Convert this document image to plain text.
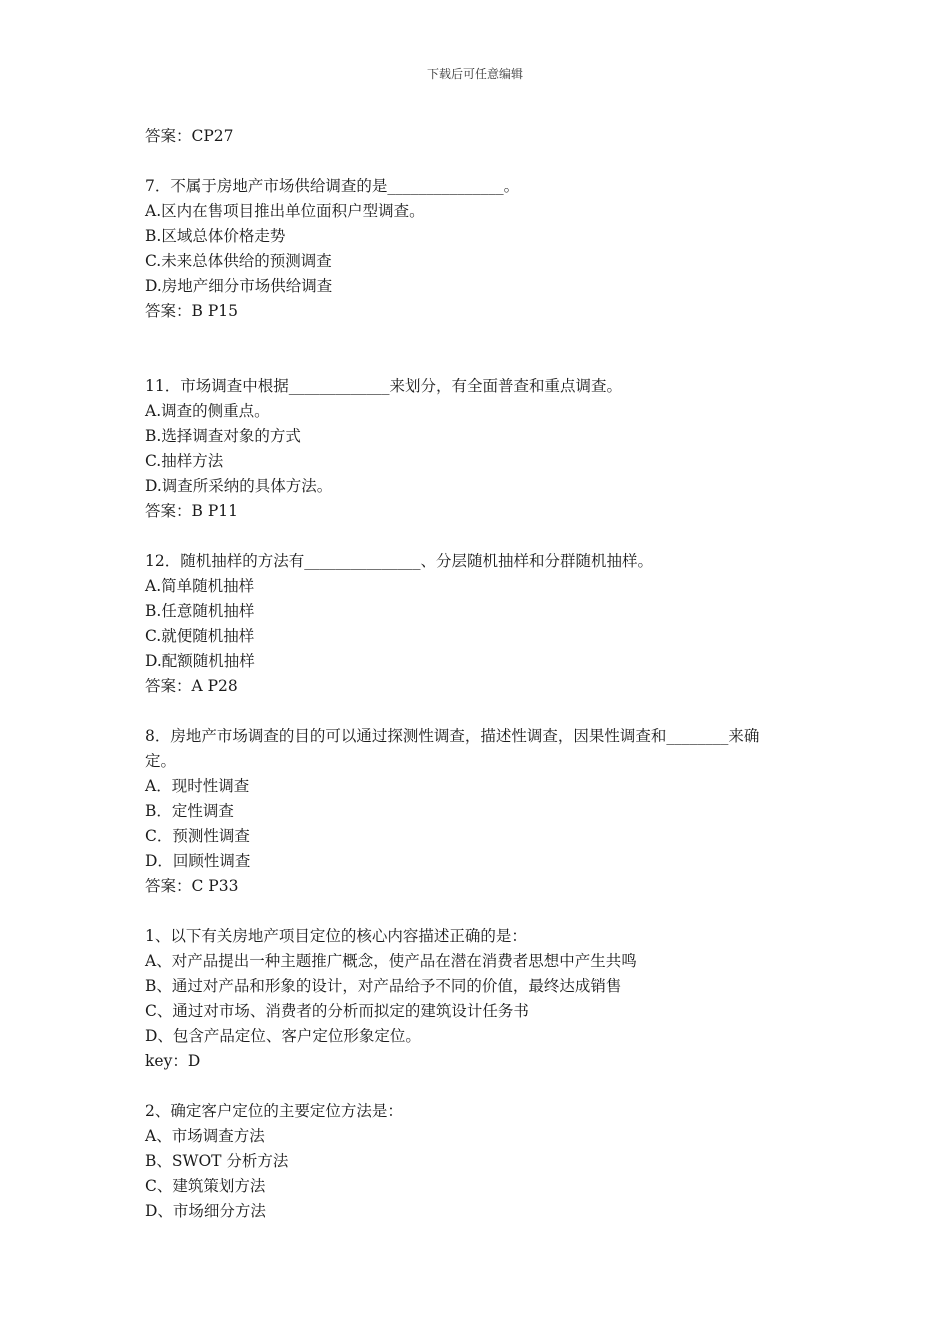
下载后可任意编辑

答案：CP27

7．不属于房地产市场供给调查的是_______________。

A.区内在售项目推出单位面积户型调查。

B.区域总体价格走势

C.未来总体供给的预测调查

D.房地产细分市场供给调查

答案：B P15

11．市场调查中根据_____________来划分，有全面普查和重点调查。

A.调查的侧重点。

B.选择调查对象的方式

C.抽样方法

D.调查所采纳的具体方法。

答案：B P11

12．随机抽样的方法有_______________、分层随机抽样和分群随机抽样。

A.简单随机抽样

B.任意随机抽样

C.就便随机抽样

D.配额随机抽样

答案：A P28

8．房地产市场调查的目的可以通过探测性调查，描述性调查，因果性调查和________来确

定。

A．现时性调查

B．定性调查

C．预测性调查

D．回顾性调查

答案：C P33

1、以下有关房地产项目定位的核心内容描述正确的是：

A、对产品提出一种主题推广概念，使产品在潜在消费者思想中产生共鸣

B、通过对产品和形象的设计，对产品给予不同的价值，最终达成销售

C、通过对市场、消费者的分析而拟定的建筑设计任务书

D、包含产品定位、客户定位形象定位。

key：D

2、确定客户定位的主要定位方法是：

A、市场调查方法

B、SWOT 分析方法

C、建筑策划方法

D、市场细分方法
